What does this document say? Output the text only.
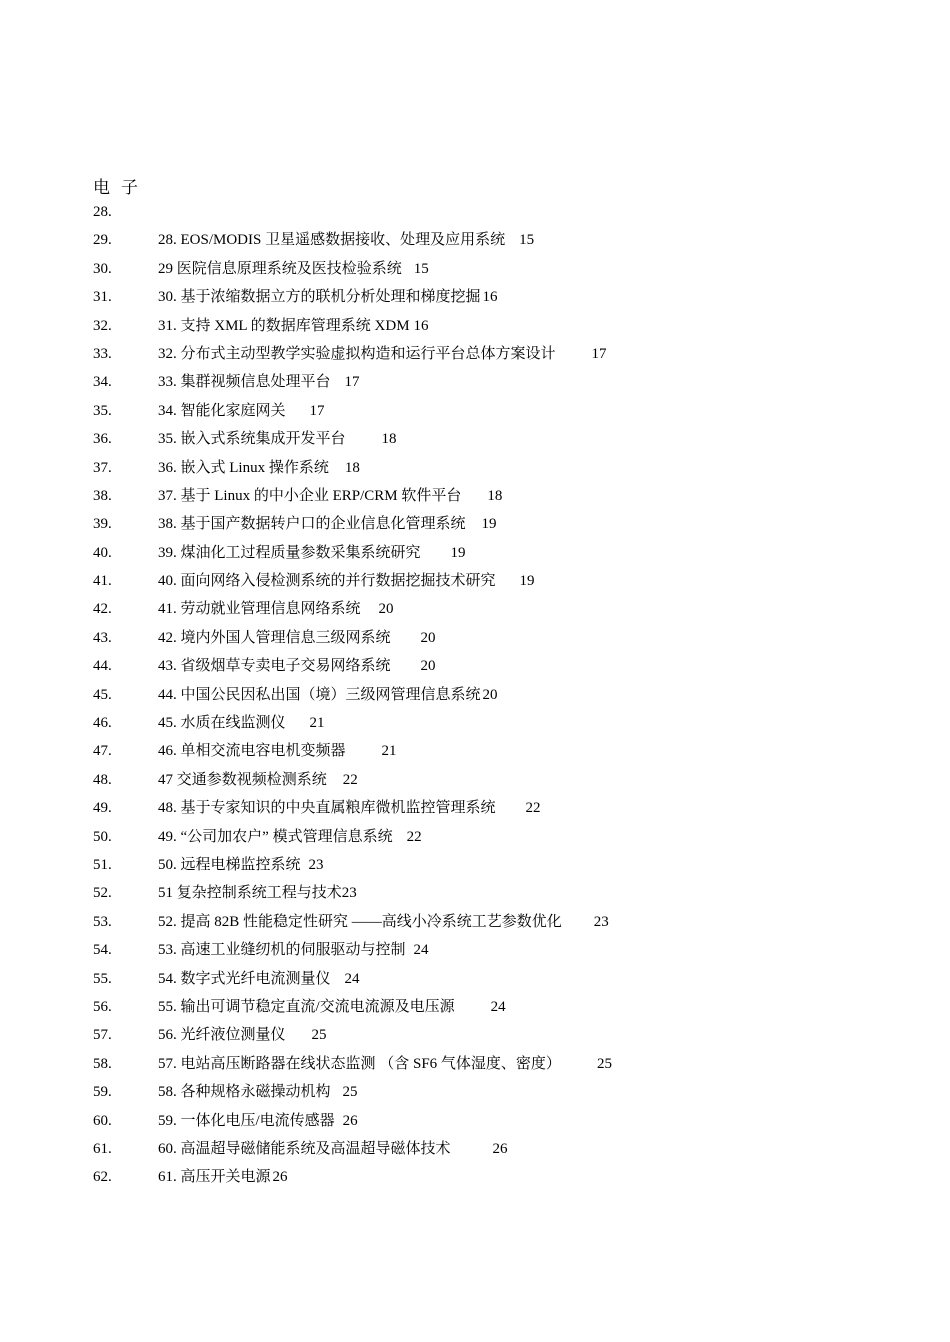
电子
28.
29.	28. EOS/MODIS 卫星遥感数据接收、处理及应用系统 15
30.	29 医院信息原理系统及医技检验系统 15
31.	30. 基于浓缩数据立方的联机分析处理和梯度挖掘 16
32.	31. 支持 XML 的数据库管理系统 XDM 16
33.	32. 分布式主动型教学实验虚拟构造和运行平台总体方案设计 17
34.	33. 集群视频信息处理平台 17
35.	34. 智能化家庭网关 17
36.	35. 嵌入式系统集成开发平台 18
37.	36. 嵌入式 Linux 操作系统 18
38.	37. 基于 Linux 的中小企业 ERP/CRM 软件平台 18
39.	38. 基于国产数据转户口的企业信息化管理系统 19
40.	39. 煤油化工过程质量参数采集系统研究 19
41.	40. 面向网络入侵检测系统的并行数据挖掘技术研究 19
42.	41. 劳动就业管理信息网络系统 20
43.	42. 境内外国人管理信息三级网系统 20
44.	43. 省级烟草专卖电子交易网络系统 20
45.	44. 中国公民因私出国（境）三级网管理信息系统 20
46.	45. 水质在线监测仪 21
47.	46. 单相交流电容电机变频器 21
48.	47 交通参数视频检测系统 22
49.	48. 基于专家知识的中央直属粮库微机监控管理系统 22
50.	49. “公司加农户” 模式管理信息系统 22
51.	50. 远程电梯监控系统 23
52.	51 复杂控制系统工程与技术23
53.	52. 提高 82B 性能稳定性研究 ——高线小冷系统工艺参数优化 23
54.	53. 高速工业缝纫机的伺服驱动与控制 24
55.	54. 数字式光纤电流测量仪 24
56.	55. 输出可调节稳定直流/交流电流源及电压源 24
57.	56. 光纤液位测量仪 25
58.	57. 电站高压断路器在线状态监测 （含 SF6 气体湿度、密度） 25
59.	58. 各种规格永磁操动机构 25
60.	59. 一体化电压/电流传感器 26
61.	60. 高温超导磁储能系统及高温超导磁体技术	26
62.	61. 高压开关电源 26
